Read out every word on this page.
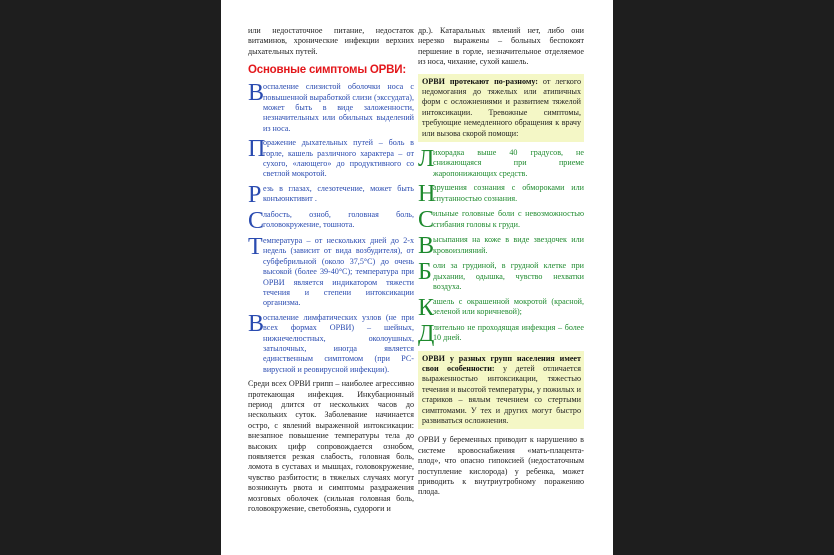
или недостаточное питание, недостаток витаминов, хронические инфекции верхних дыхательных путей.

Основные симптомы ОРВИ:
В
оспаление слизистой оболочки носа с повышенной выработкой слизи (экссудата), может быть в виде заложенности, незначительных или обильных выделений из носа.
П
оражение дыхательных путей – боль в горле, кашель различного характера – от сухого, «лающего» до продуктивного со светлой мокротой.
Р езь в глазах, слезотечение, может быть конъюнктивит .
С
лабость, озноб, головная боль, головокружение, тошнота.
Т емпература – от нескольких дней до 2-х недель (зависит от вида возбудителя), от субфебрильной (около 37,5°С) до очень высокой (более 39-40°С); температура при ОРВИ является индикатором тяжести течения и степени интоксикации организма.
В
оспаление лимфатических узлов (не при всех формах ОРВИ) – шейных, нижнечелюстных, околоушных, затылочных, иногда является единственным симптомом (при РС-вирусной и реовирусной инфекции).

Среди всех ОРВИ грипп – наиболее агрессивно протекающая инфекция. Инкубационный период длится от нескольких часов до нескольких суток. Заболевание начинается остро, с явлений выраженной интоксикации: внезапное повышение температуры тела до высоких цифр сопровождается ознобом, появляется резкая слабость, головная боль, ломота в суставах и мышцах, головокружение, чувство разбитости; в тяжелых случаях могут возникнуть рвота и симптомы раздражения мозговых оболочек (сильная головная боль, головокружение, светобоязнь, судороги и

др.). Катаральных явлений нет, либо они нерезко выражены – больных беспокоят першение в горле, незначительное отделяемое из носа, чихание, сухой кашель.

ОРВИ протекают по-разному: от легкого недомогания до тяжелых или атипичных форм с осложнениями и развитием тяжелой интоксикации. Тревожные симптомы, требующие немедленного обращения к врачу или вызова скорой помощи:
Л
ихорадка выше 40 градусов, не снижающаяся при приеме жаропонижающих средств.
Н
арушения сознания с обмороками или спутанностью сознания.
С
ильные головные боли с невозможностью сгибания головы к груди.
В
ысыпания на коже в виде звездочек или кровоизлияний.
Б оли за грудиной, в грудной клетке при дыхании, одышка, чувство нехватки воздуха.
К
ашель с окрашенной мокротой (красной, зеленой или коричневой);
Д
лительно не проходящая инфекция – более 10 дней.
ОРВИ у разных групп населения имеет свои особенности: у детей отличается выраженностью интоксикации, тяжестью течения и высотой температуры, у пожилых и стариков – вялым течением со стертыми симптомами. У тех и других могут быстро развиваться осложнения.

ОРВИ у беременных приводит к нарушению в системе кровоснабжения «мать-плацента-плод», что опасно гипоксией (недостаточным поступление кислорода) у ребенка, может приводить к внутриутробному поражению плода.
